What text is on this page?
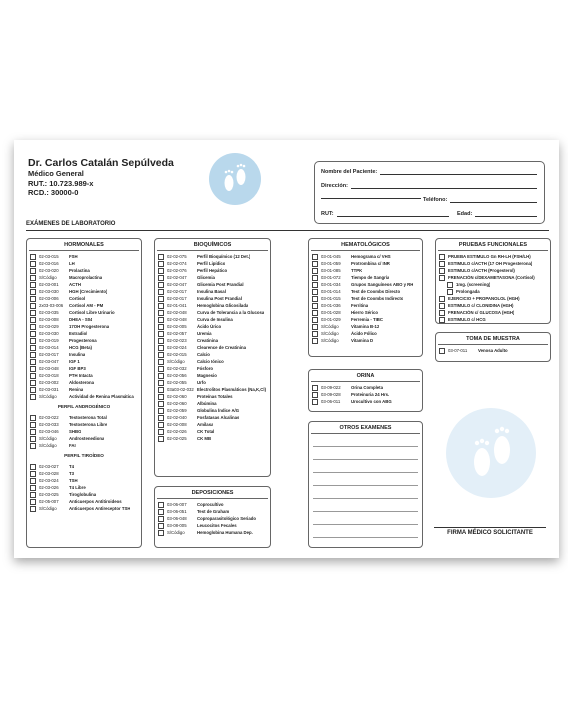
Dr. Carlos Catalán Sepúlveda
Médico General
RUT.: 10.723.989-x
RCD.: 30000-0
Nombre del Paciente:
Dirección:
Teléfono:
RUT:	Edad:
EXÁMENES DE LABORATORIO
HORMONALES
02-03-015	FSH
02-03-016	LH
02-03-020	Prolactina
S/Código	Macroprolactina
02-03-001	ACTH
02-03-030	HGH (Crecimiento)
02-03-006	Cortisol
2x03-03-006	Cortisol AM - PM
02-03-035	Cortisol Libre Urinario
02-03-008	DHEA - S04
02-03-029	17OH Progesterona
02-03-030	Estradiol
02-03-019	Progesterona
02-03-014	HCG (Beta)
02-03-017	Insulina
02-03-047	IGF 1
02-03-048	IGF BP3
02-03-018	PTH Intacta
02-03-002	Aldosterona
02-03-031	Renina
S/Código	Actividad de Renina Plasmática
PERFIL ANDROGÉNICO
02-03-022	Testosterona Total
02-03-033	Testosterona Libre
02-03-046	SHBG
S/Código	Androstenediona
S/Código	FAI
PERFIL TIROÍDEO
02-03-027	T4
02-03-028	T3
02-03-024	TSH
02-03-026	T4 Libre
02-03-025	Tiroglobulina
02-05-007	Anticuerpos Antitiroideos
S/Código	Anticuerpos Antireceptor TSH
BIOQUÍMICOS
02-02-075	Perfil Bioquímico (12 Det.)
02-02-074	Perfil Lipídico
02-02-076	Perfil Hepático
02-02-047	Glicemia
02-02-047	Glicemia Post Prandial
02-02-017	Insulina Basal
02-02-017	Insulina Post Prandial
02-01-041	Hemoglobina Glicosilada
02-02-048	Curva de Tolerancia a la Glucosa
02-02-048	Curva de Insulina
02-02-005	Ácido Úrico
02-02-057	Uremia
02-02-023	Creatinina
02-02-024	Clearence de Creatinina
02-02-015	Calcio
S/Código	Calcio Iónico
02-02-032	Fósforo
02-02-056	Magnesio
02-02-055	Urfo
03a03-02-032 Electrolitos Plasmáticos (Na,K,Cl)
02-02-060	Proteínas Totales
02-02-060	Albúmina
02-02-059	Globulina Índice A/G
02-02-040	Fosfatasas Alcalinas
02-02-008	Amilasa
02-02-026	CK Total
02-02-025	CK MB
DEPOSICIONES
03-06-007	Coprocultivo
03-06-051	Test de Graham
03-06-048	Coproparasitológico Seriado
03-08-005	Leucocitos Fecales
S/Código	Hemoglobina Humana Dep.
HEMATOLÓGICOS
03-01-045	Hemograma c/ VHS
03-01-059	Protrombina c/ INR
03-01-085	TTPK
03-01-072	Tiempo de Sangría
03-01-034	Grupos Sanguíneos ABO y RH
03-01-014	Test de Coombs Directo
03-01-015	Test de Coombs Indirecto
03-01-036	Ferritina
03-01-028	Hierro Sérico
03-01-029	Ferremia - TIBC
S/Código	Vitamina B-12
S/Código	Ácido Fólico
S/Código	Vitamina D
ORINA
03-09-022	Orina Completa
03-09-028	Proteinuria 24 Hrs.
03-06-011	Urocultivo con ABG
OTROS EXAMENES
PRUEBAS FUNCIONALES
PRUEBA ESTIMULO Gn RH-LH (FSH/LH)
ESTIMULO c/ACTH (17 OH Progesterona)
ESTIMULO c/ACTH (Progesterol)
FRENACIÓN c/DEXAMETASONA (Cortisol)
1mg. (screening)
Prolongada
EJERCICIO + PROPANOLOL (HGH)
ESTIMULO c/ CLONIDINA (HGH)
FRENACIÓN c/ GLUCOSA (HGH)
ESTIMULO c/ HCG
TOMA DE MUESTRA
03-07-011	Venosa Adulto
FIRMA MÉDICO SOLICITANTE
